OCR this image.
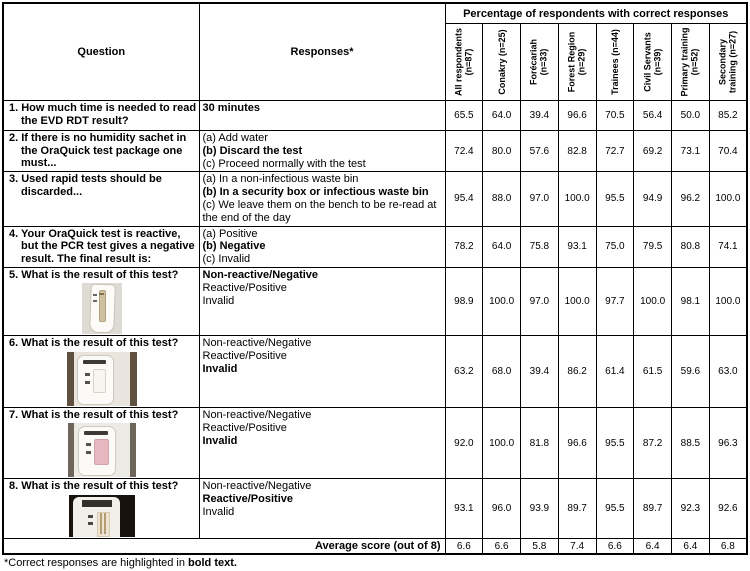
Question	Responses*	Percentage of respondents with correct responses							

		All respondents (n=87)	Conakry (n=25)	Forécariah (n=33)	Forest Region (n=29)	Trainees (n=44)	Civil Servants (n=39)	Primary training (n=52)	Secondary training (n=27)

1. How much time is needed to read the EVD RDT result?	30 minutes	65.5	64.0	39.4	96.6	70.5	56.4	50.0	85.2

2. If there is no humidity sachet in the OraQuick test package one must...	(a) Add water
(b) Discard the test
(c) Proceed normally with the test	72.4	80.0	57.6	82.8	72.7	69.2	73.1	70.4

3. Used rapid tests should be discarded...	(a) In a non-infectious waste bin
(b) In a security box or infectious waste bin
(c) We leave them on the bench to be re-read at the end of the day	95.4	88.0	97.0	100.0	95.5	94.9	96.2	100.0

4. Your OraQuick test is reactive, but the PCR test gives a negative result. The final result is:	(a) Positive
(b) Negative
(c) Invalid	78.2	64.0	75.8	93.1	75.0	79.5	80.8	74.1

5. What is the result of this test?	Non-reactive/Negative
Reactive/Positive
Invalid	98.9	100.0	97.0	100.0	97.7	100.0	98.1	100.0

6. What is the result of this test?	Non-reactive/Negative
Reactive/Positive
Invalid	63.2	68.0	39.4	86.2	61.4	61.5	59.6	63.0

7. What is the result of this test?	Non-reactive/Negative
Reactive/Positive
Invalid	92.0	100.0	81.8	96.6	95.5	87.2	88.5	96.3

8. What is the result of this test?	Non-reactive/Negative
Reactive/Positive
Invalid	93.1	96.0	93.9	89.7	95.5	89.7	92.3	92.6
Average score (out of 8)		6.6	6.6	5.8	7.4	6.6	6.4	6.4	6.8
*Correct responses are highlighted in bold text.
